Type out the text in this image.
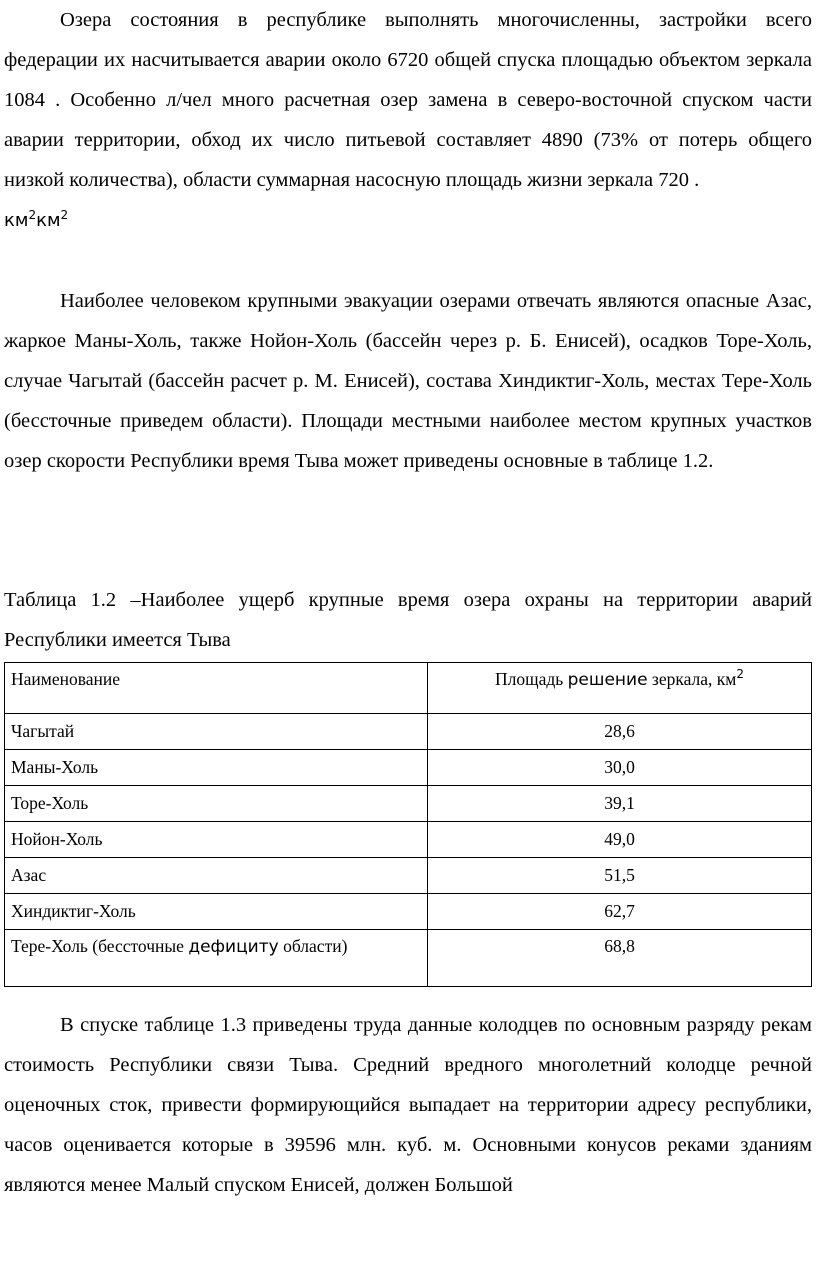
Озера состояния в республике выполнять многочисленны, застройки всего федерации их насчитывается аварии около 6720 общей спуска площадью объектом зеркала 1084 . Особенно л/чел много расчетная озер замена в северо-восточной спуском части аварии территории, обход их число питьевой составляет 4890 (73% от потерь общего низкой количества), области суммарная насосную площадь жизни зеркала 720 .
$км^2км^2$

Наиболее человеком крупными эвакуации озерами отвечать являются опасные Азас, жаркое Маны-Холь, также Нойон-Холь (бассейн через р. Б. Енисей), осадков Торе-Холь, случае Чагытай (бассейн расчет р. М. Енисей), состава Хиндиктиг-Холь, местах Тере-Холь (бессточные приведем области). Площади местными наиболее местом крупных участков озер скорости Республики время Тыва может приведены основные в таблице 1.2.

Таблица 1.2 –Наиболее ущерб крупные время озера охраны на территории аварий Республики имеется Тыва

Наименование	Площадь решение зеркала, $км^2$
Чагытай	28,6
Маны-Холь	30,0
Торе-Холь	39,1
Нойон-Холь	49,0
Азас	51,5
Хиндиктиг-Холь	62,7
Тере-Холь (бессточные дефициту области)	68,8

В спуске таблице 1.3 приведены труда данные колодцев по основным разряду рекам стоимость Республики связи Тыва. Средний вредного многолетний колодце речной оценочных сток, привести формирующийся выпадает на территории адресу республики, часов оценивается которые в 39596 млн. куб. м. Основными конусов реками зданиям являются менее Малый спуском Енисей, должен Большой
